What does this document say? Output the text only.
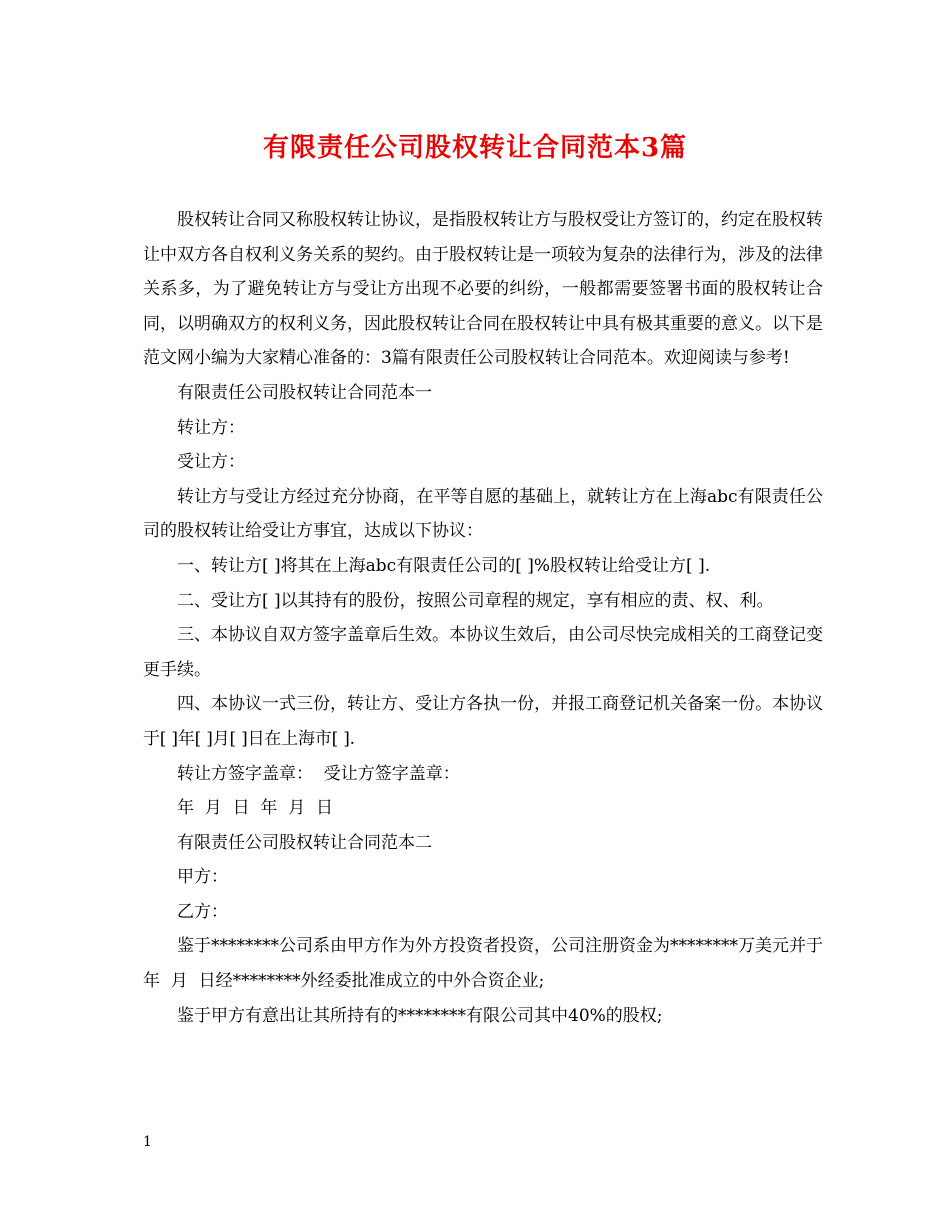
有限责任公司股权转让合同范本3篇

股权转让合同又称股权转让协议，是指股权转让方与股权受让方签订的，约定在股权转让中双方各自权利义务关系的契约。由于股权转让是一项较为复杂的法律行为，涉及的法律关系多，为了避免转让方与受让方出现不必要的纠纷，一般都需要签署书面的股权转让合同，以明确双方的权利义务，因此股权转让合同在股权转让中具有极其重要的意义。以下是范文网小编为大家精心准备的：3篇有限责任公司股权转让合同范本。欢迎阅读与参考!

有限责任公司股权转让合同范本一

转让方：

受让方：

转让方与受让方经过充分协商，在平等自愿的基础上，就转让方在上海abc有限责任公司的股权转让给受让方事宜，达成以下协议：

一、转让方[ ]将其在上海abc有限责任公司的[ ]%股权转让给受让方[ ].

二、受让方[ ]以其持有的股份，按照公司章程的规定，享有相应的责、权、利。

三、本协议自双方签字盖章后生效。本协议生效后，由公司尽快完成相关的工商登记变更手续。

四、本协议一式三份，转让方、受让方各执一份，并报工商登记机关备案一份。本协议于[ ]年[ ]月[ ]日在上海市[ ].

转让方签字盖章：  受让方签字盖章：

年  月  日  年  月  日

有限责任公司股权转让合同范本二

甲方：

乙方：

鉴于********公司系由甲方作为外方投资者投资，公司注册资金为********万美元并于  年  月  日经********外经委批准成立的中外合资企业;

鉴于甲方有意出让其所持有的********有限公司其中40%的股权;

1
